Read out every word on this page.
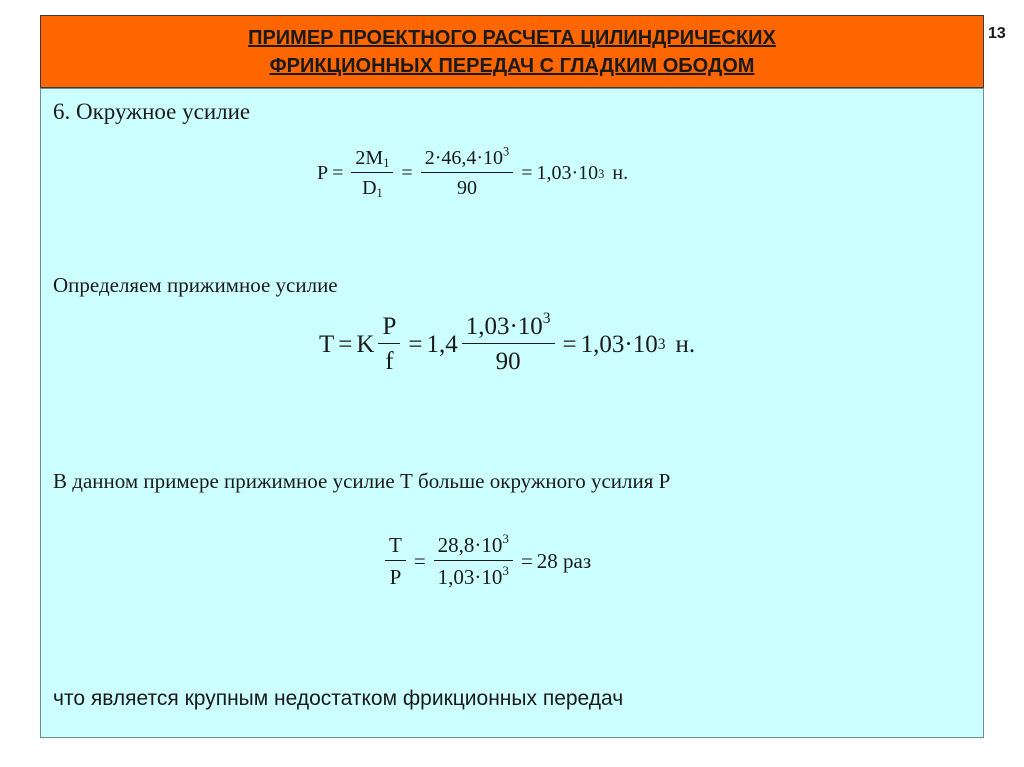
ПРИМЕР ПРОЕКТНОГО РАСЧЕТА ЦИЛИНДРИЧЕСКИХ
ФРИКЦИОННЫХ ПЕРЕДАЧ С ГЛАДКИМ ОБОДОМ
13
6. Окружное усилие
$P = \frac{2M_1}{D_1} = \frac{2\cdot 46,4\cdot 10^3}{90} = 1,03\cdot 10$ 3 н.
Определяем прижимное усилие
T = K $\frac{P}{f} = 1,4 \frac{1,03\cdot 10^3}{90} = 1,03\cdot 10$ 3 н.
В данном примере прижимное усилие Т больше окружного усилия Р
$\frac{T}{P} = \frac{28,8\cdot 10^3}{1,03\cdot 10^3} = 28$ раз
что является крупным недостатком фрикционных передач
